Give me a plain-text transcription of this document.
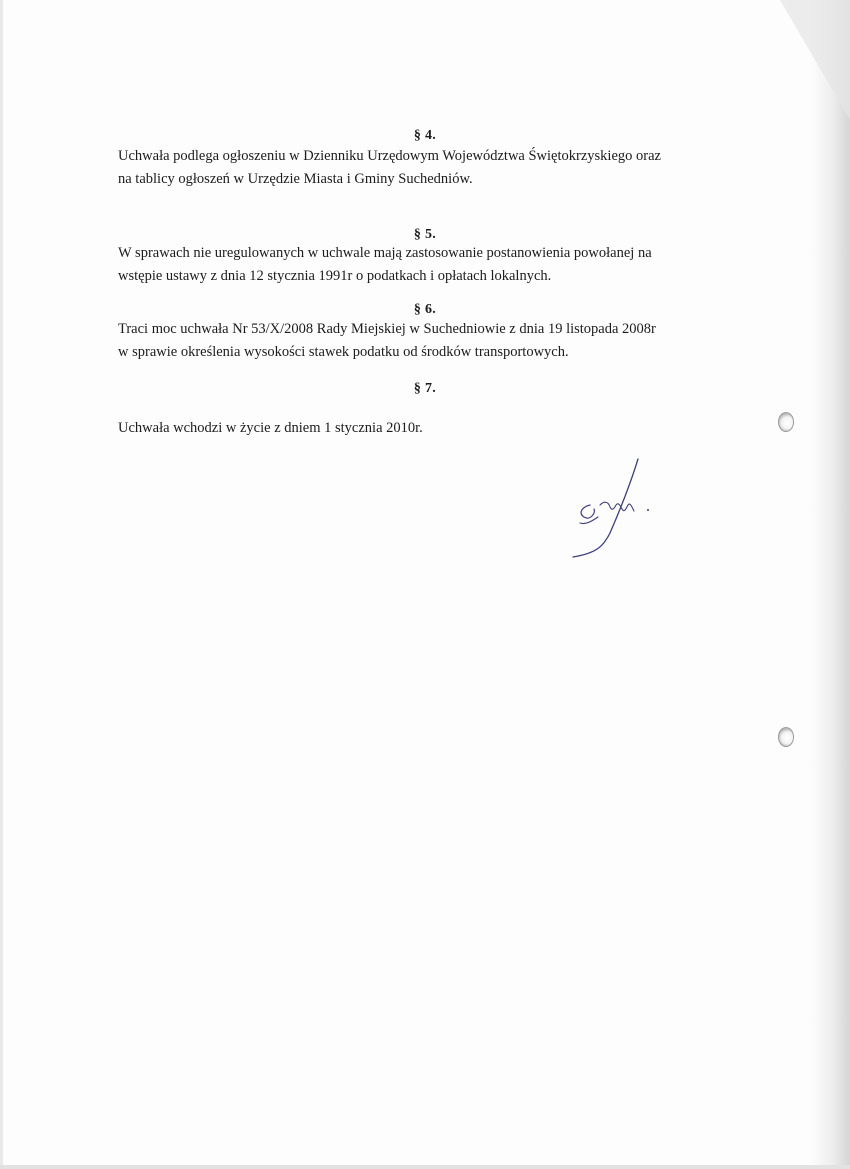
§ 4.
Uchwała podlega ogłoszeniu w Dzienniku Urzędowym Województwa Świętokrzyskiego oraz
na tablicy ogłoszeń w Urzędzie Miasta i Gminy Suchedniów.
§ 5.
W sprawach nie uregulowanych w uchwale mają zastosowanie postanowienia powołanej na
wstępie ustawy z dnia 12 stycznia 1991r o podatkach i opłatach lokalnych.
§ 6.
Traci moc uchwała Nr 53/X/2008 Rady Miejskiej w Suchedniowie z dnia 19 listopada 2008r
w sprawie określenia wysokości stawek podatku od środków transportowych.
§ 7.
Uchwała wchodzi w życie z dniem 1 stycznia 2010r.
